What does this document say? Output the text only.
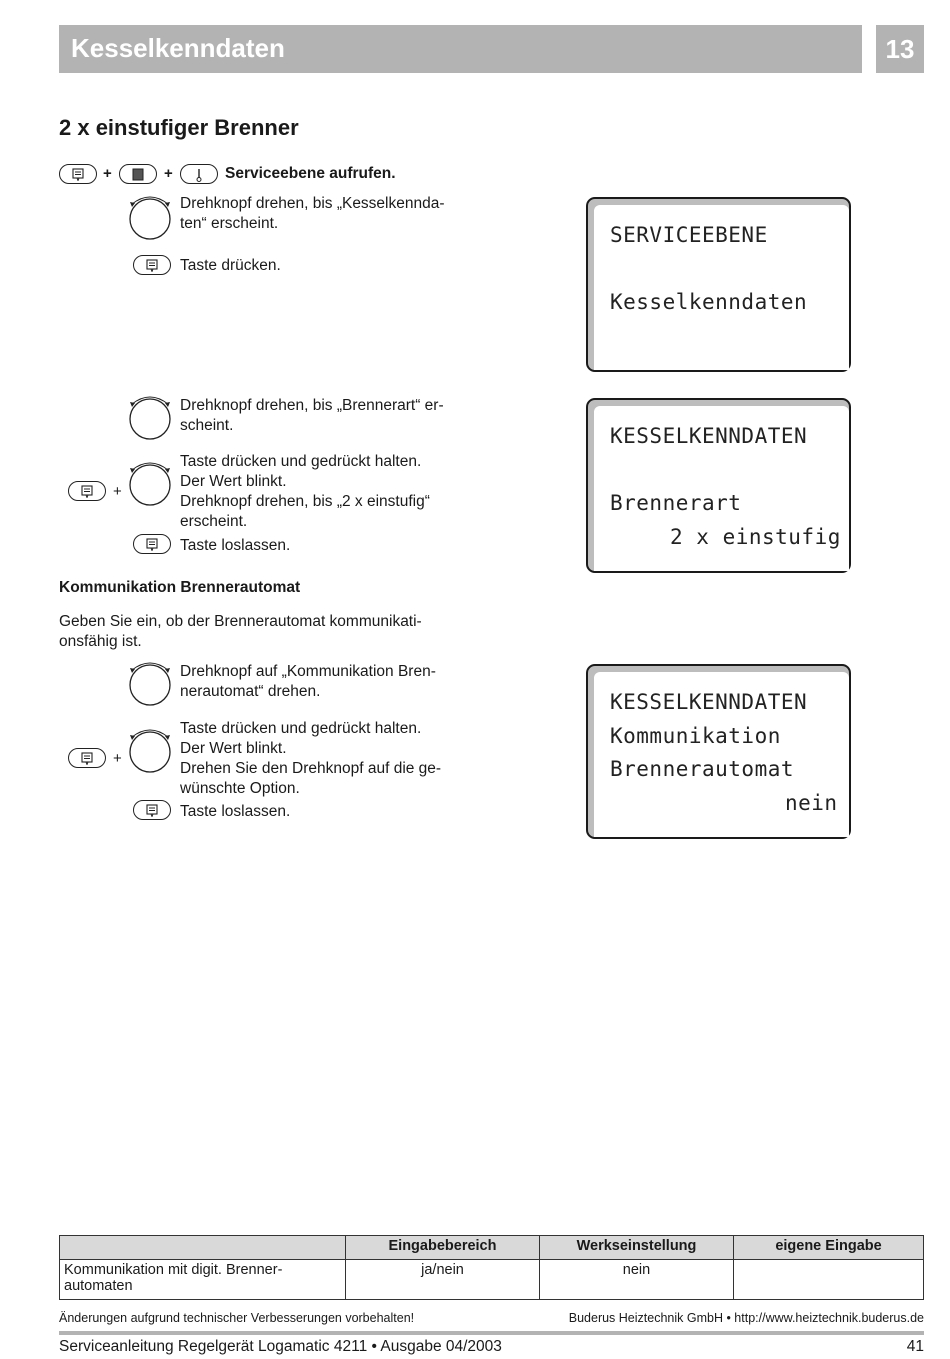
Kesselkenndaten	13
2 x einstufiger Brenner
+	+	Serviceebene aufrufen.
Drehknopf drehen, bis „Kesselkennda-
ten“ erscheint.
Taste drücken.
Drehknopf drehen, bis „Brennerart“ er-
scheint.
+
Taste drücken und gedrückt halten.
Der Wert blinkt.
Drehknopf drehen, bis „2 x einstufig“
erscheint.
Taste loslassen.
Kommunikation Brennerautomat
Geben Sie ein, ob der Brennerautomat kommunikati-
onsfähig ist.
Drehknopf auf „Kommunikation Bren-
nerautomat“ drehen.
+
Taste drücken und gedrückt halten.
Der Wert blinkt.
Drehen Sie den Drehknopf auf die ge-
wünschte Option.
Taste loslassen.
SERVICEEBENE
Kesselkenndaten
KESSELKENNDATEN
Brennerart
2 x einstufig
KESSELKENNDATEN
Kommunikation
Brennerautomat
nein
	Eingabebereich	Werkseinstellung	eigene Eingabe
Kommunikation mit digit. Brenner-
automaten	ja/nein	nein	
Änderungen aufgrund technischer Verbesserungen vorbehalten!	Buderus Heiztechnik GmbH • http://www.heiztechnik.buderus.de
Serviceanleitung Regelgerät Logamatic 4211 • Ausgabe 04/2003	41
